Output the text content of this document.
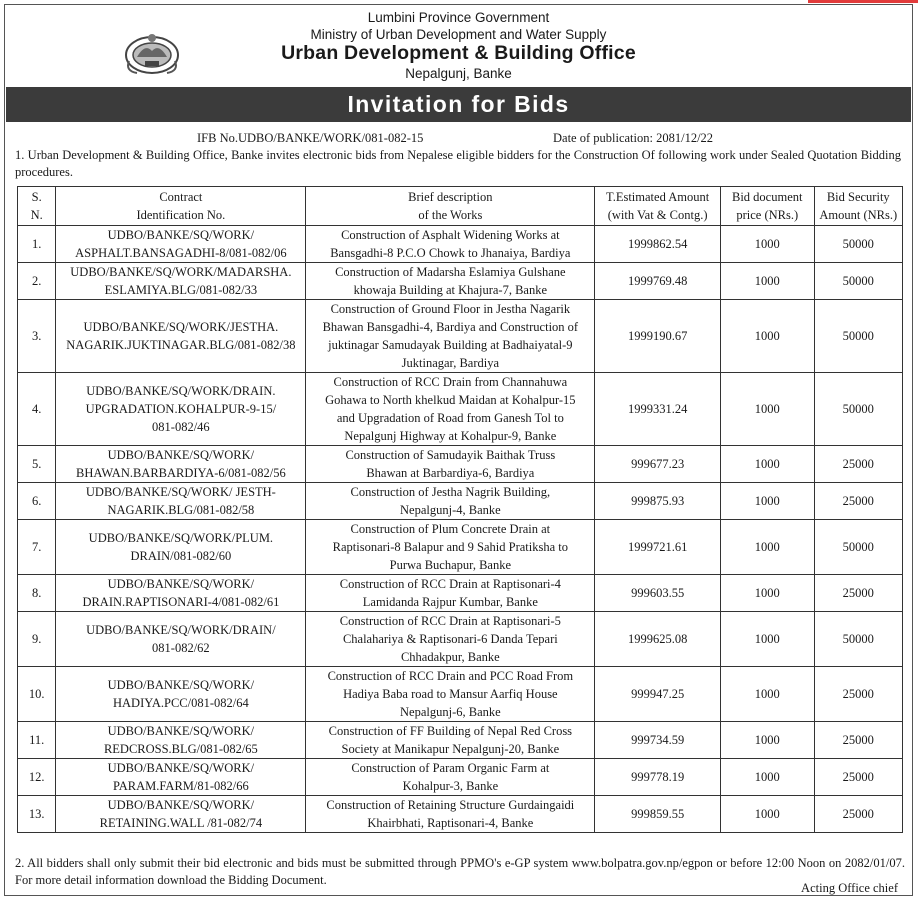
Lumbini Province Government
Ministry of Urban Development and Water Supply
Urban Development & Building Office
Nepalgunj, Banke
Invitation for Bids
IFB No.UDBO/BANKE/WORK/081-082-15	Date of publication: 2081/12/22
1. Urban Development & Building Office, Banke invites electronic bids from Nepalese eligible bidders for the Construction Of following work under Sealed Quotation Bidding procedures.
S.
N.	Contract
Identification No.	Brief description
of the Works	T.Estimated Amount
(with Vat & Contg.)	Bid document
price (NRs.)	Bid Security
Amount (NRs.)
1.	UDBO/BANKE/SQ/WORK/
ASPHALT.BANSAGADHI-8/081-082/06	Construction of Asphalt Widening Works at
Bansgadhi-8 P.C.O Chowk to Jhanaiya, Bardiya	1999862.54	1000	50000
2.	UDBO/BANKE/SQ/WORK/MADARSHA.
ESLAMIYA.BLG/081-082/33	Construction of Madarsha Eslamiya Gulshane
khowaja Building at Khajura-7, Banke	1999769.48	1000	50000
3.	UDBO/BANKE/SQ/WORK/JESTHA.
NAGARIK.JUKTINAGAR.BLG/081-082/38	Construction of Ground Floor in Jestha Nagarik
Bhawan Bansgadhi-4, Bardiya and Construction of
juktinagar Samudayak Building at Badhaiyatal-9
Juktinagar, Bardiya	1999190.67	1000	50000
4.	UDBO/BANKE/SQ/WORK/DRAIN.
UPGRADATION.KOHALPUR-9-15/
081-082/46	Construction of RCC Drain from Channahuwa
Gohawa to North khelkud Maidan at Kohalpur-15
and Upgradation of Road from Ganesh Tol to
Nepalgunj Highway at Kohalpur-9, Banke	1999331.24	1000	50000
5.	UDBO/BANKE/SQ/WORK/
BHAWAN.BARBARDIYA-6/081-082/56	Construction of Samudayik Baithak Truss
Bhawan at Barbardiya-6, Bardiya	999677.23	1000	25000
6.	UDBO/BANKE/SQ/WORK/ JESTH-
NAGARIK.BLG/081-082/58	Construction of Jestha Nagrik Building,
Nepalgunj-4, Banke	999875.93	1000	25000
7.	UDBO/BANKE/SQ/WORK/PLUM.
DRAIN/081-082/60	Construction of Plum Concrete Drain at
Raptisonari-8 Balapur and 9 Sahid Pratiksha to
Purwa Buchapur, Banke	1999721.61	1000	50000
8.	UDBO/BANKE/SQ/WORK/
DRAIN.RAPTISONARI-4/081-082/61	Construction of RCC Drain at Raptisonari-4
Lamidanda Rajpur Kumbar, Banke	999603.55	1000	25000
9.	UDBO/BANKE/SQ/WORK/DRAIN/
081-082/62	Construction of RCC Drain at Raptisonari-5
Chalahariya & Raptisonari-6 Danda Tepari
Chhadakpur, Banke	1999625.08	1000	50000
10.	UDBO/BANKE/SQ/WORK/
HADIYA.PCC/081-082/64	Construction of RCC Drain and PCC Road From
Hadiya Baba road to Mansur Aarfiq House
Nepalgunj-6, Banke	999947.25	1000	25000
11.	UDBO/BANKE/SQ/WORK/
REDCROSS.BLG/081-082/65	Construction of FF Building of Nepal Red Cross
Society at Manikapur Nepalgunj-20, Banke	999734.59	1000	25000
12.	UDBO/BANKE/SQ/WORK/
PARAM.FARM/81-082/66	Construction of Param Organic Farm at
Kohalpur-3, Banke	999778.19	1000	25000
13.	UDBO/BANKE/SQ/WORK/
RETAINING.WALL /81-082/74	Construction of Retaining Structure Gurdaingaidi
Khairbhati, Raptisonari-4, Banke	999859.55	1000	25000
2. All bidders shall only submit their bid electronic and bids must be submitted through PPMO's e-GP system www.bolpatra.gov.np/egpon or before 12:00 Noon on 2082/01/07. For more detail information download the Bidding Document.
Acting Office chief
